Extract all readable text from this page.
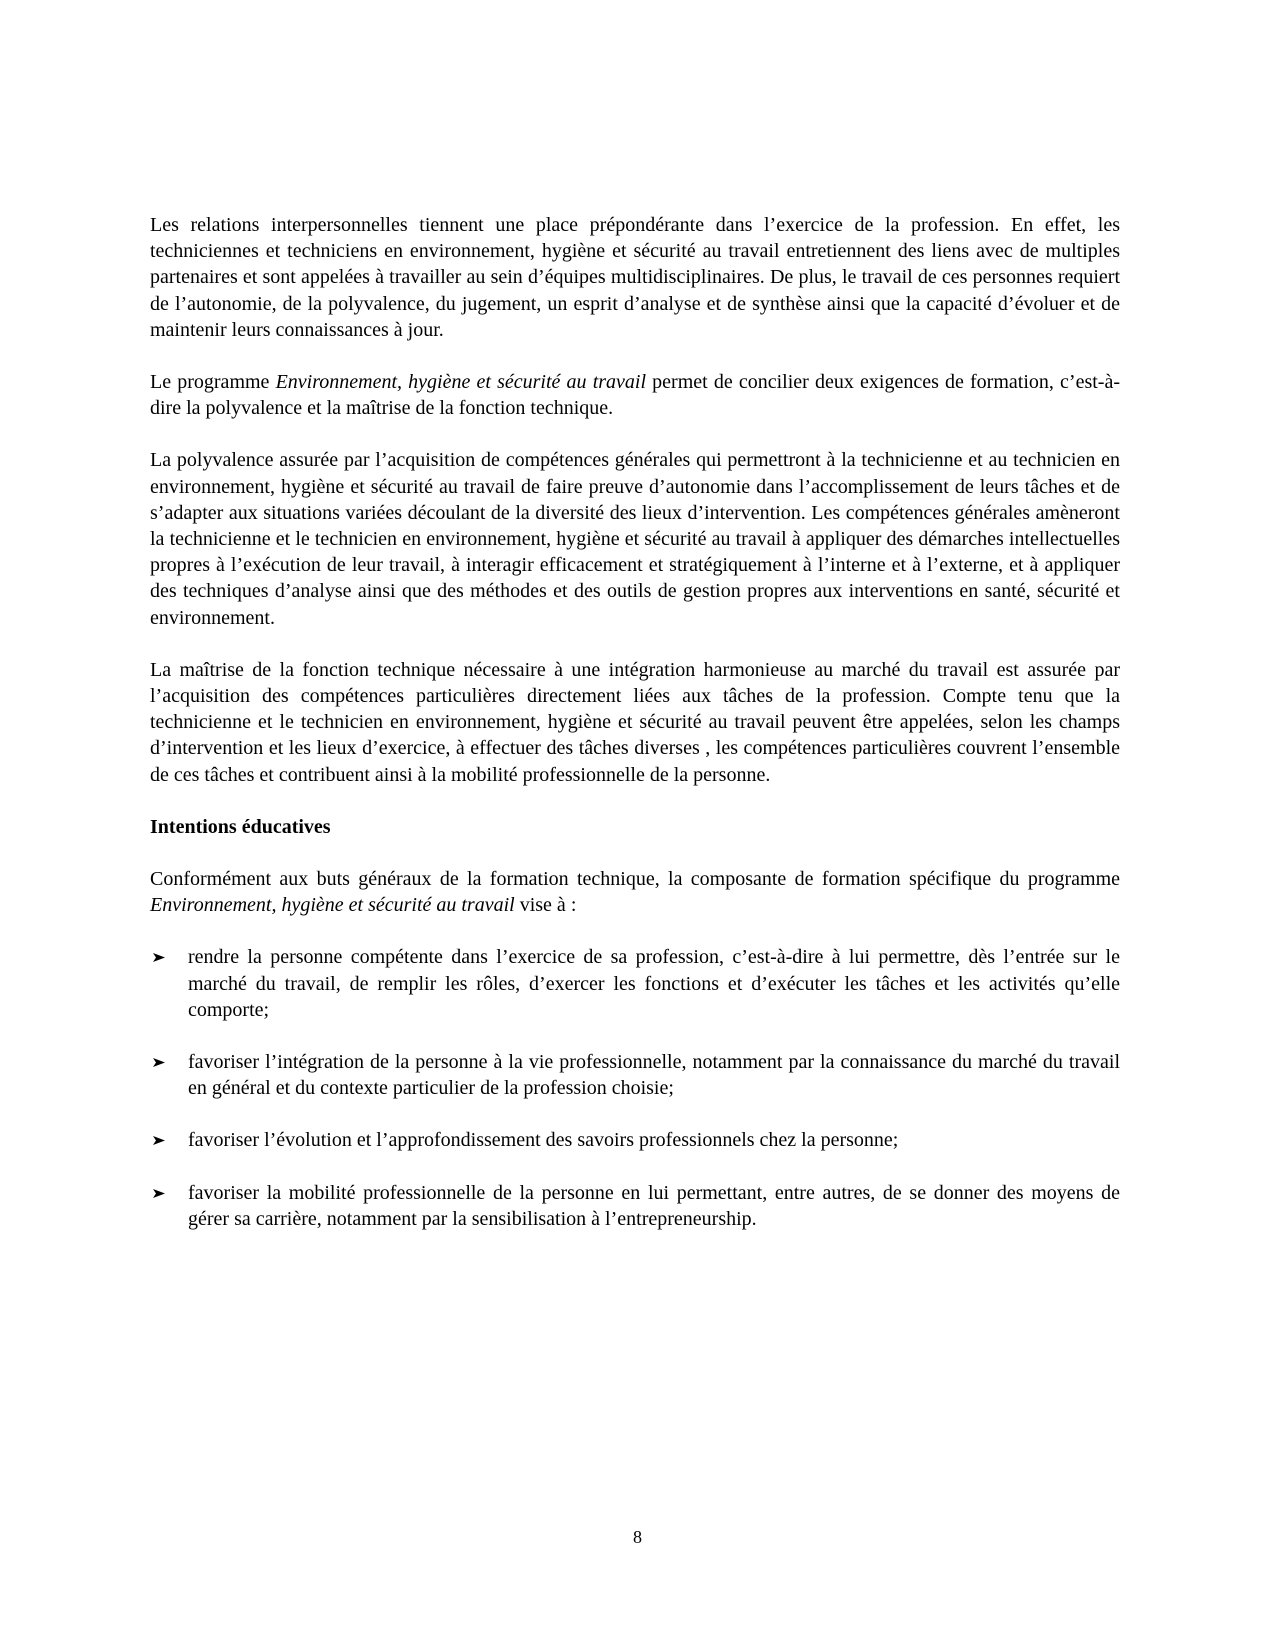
Les relations interpersonnelles tiennent une place prépondérante dans l’exercice de la profession. En effet, les techniciennes et techniciens en environnement, hygiène et sécurité au travail entretiennent des liens avec de multiples partenaires et sont appelées à travailler au sein d’équipes multidisciplinaires. De plus, le travail de ces personnes requiert de l’autonomie, de la polyvalence, du jugement, un esprit d’analyse et de synthèse ainsi que la capacité d’évoluer et de maintenir leurs connaissances à jour.

Le programme Environnement, hygiène et sécurité au travail permet de concilier deux exigences de formation, c’est-à-dire la polyvalence et la maîtrise de la fonction technique.

La polyvalence assurée par l’acquisition de compétences générales qui permettront à la technicienne et au technicien en environnement, hygiène et sécurité au travail de faire preuve d’autonomie dans l’accomplissement de leurs tâches et de s’adapter aux situations variées découlant de la diversité des lieux d’intervention. Les compétences générales amèneront la technicienne et le technicien en environnement, hygiène et sécurité au travail à appliquer des démarches intellectuelles propres à l’exécution de leur travail, à interagir efficacement et stratégiquement à l’interne et à l’externe, et à appliquer des techniques d’analyse ainsi que des méthodes et des outils de gestion propres aux interventions en santé, sécurité et environnement.

La maîtrise de la fonction technique nécessaire à une intégration harmonieuse au marché du travail est assurée par l’acquisition des compétences particulières directement liées aux tâches de la profession. Compte tenu que la technicienne et le technicien en environnement, hygiène et sécurité au travail peuvent être appelées, selon les champs d’intervention et les lieux d’exercice, à effectuer des tâches diverses , les compétences particulières couvrent l’ensemble de ces tâches et contribuent ainsi à la mobilité professionnelle de la personne.

Intentions éducatives

Conformément aux buts généraux de la formation technique, la composante de formation spécifique du programme Environnement, hygiène et sécurité au travail vise à :

rendre la personne compétente dans l’exercice de sa profession, c’est-à-dire à lui permettre, dès l’entrée sur le marché du travail, de remplir les rôles, d’exercer les fonctions et d’exécuter les tâches et les activités qu’elle comporte;
favoriser l’intégration de la personne à la vie professionnelle, notamment par la connaissance du marché du travail en général et du contexte particulier de la profession choisie;
favoriser l’évolution et l’approfondissement des savoirs professionnels chez la personne;
favoriser la mobilité professionnelle de la personne en lui permettant, entre autres, de se donner des moyens de gérer sa carrière, notamment par la sensibilisation à l’entrepreneurship.
8
